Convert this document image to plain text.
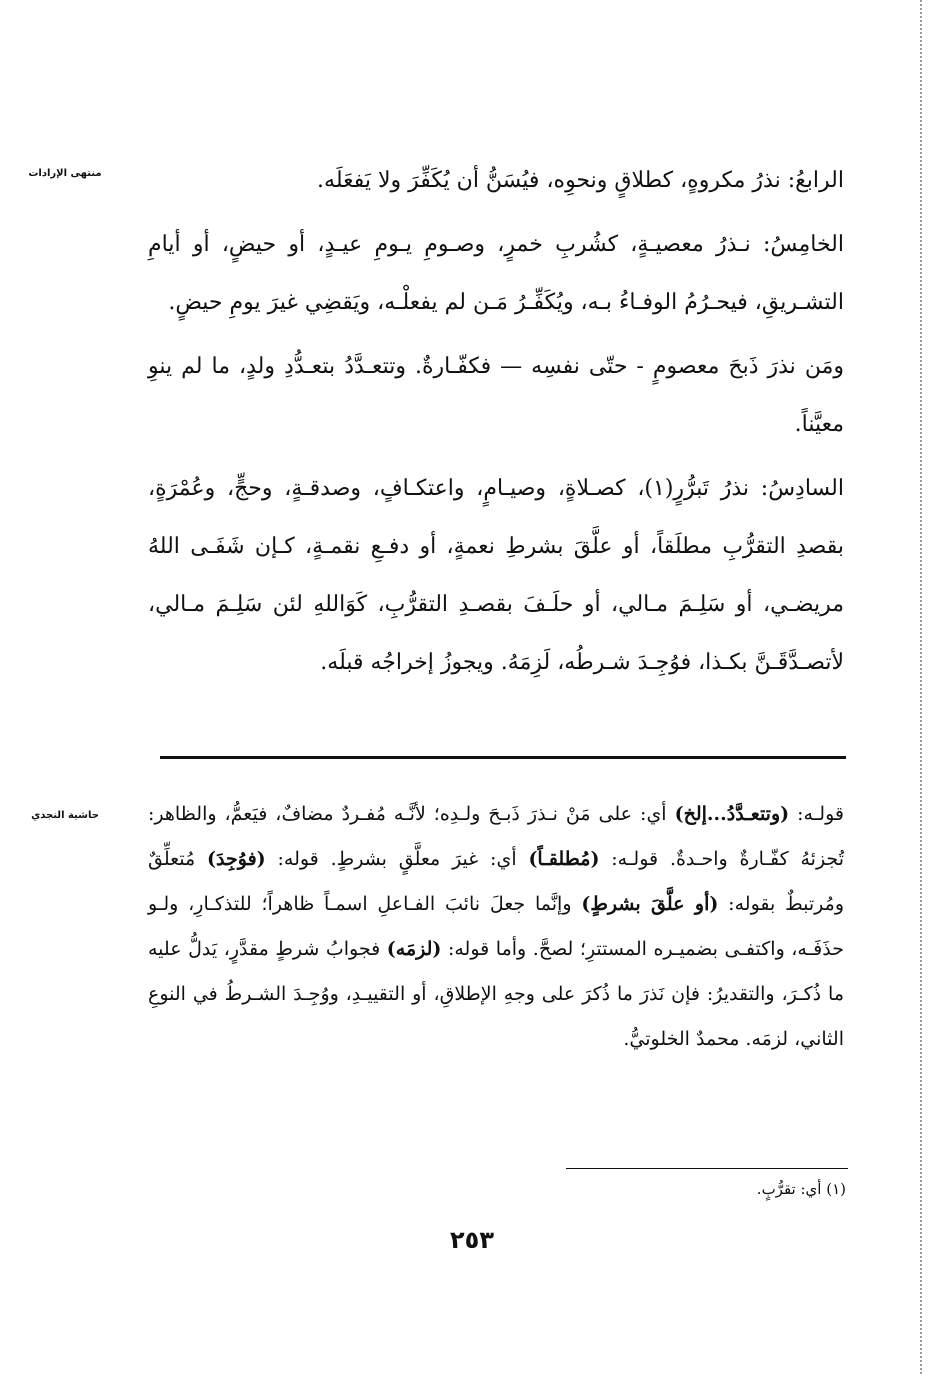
منتهى الإرادات	الرابعُ: نذرُ مكروهٍ، كطلاقٍ ونحوِه، فيُسَنُّ أن يُكَفِّرَ ولا يَفعَلَه.

الخامِسُ: نـذرُ معصيـةٍ، كشُربِ خمرٍ، وصـومِ يـومِ عيـدٍ، أو حيضٍ، أو أيامِ التشـريقِ، فيحـرُمُ الوفـاءُ بـه، ويُكَفِّـرُ مَـن لم يفعلْـه، ويَقضِي غيرَ يومِ حيضٍ.

ومَن نذرَ ذَبحَ معصومٍ - حتّى نفسِه — فكفّـارةٌ. وتتعـدَّدُ بتعـدُّدِ ولدٍ، ما لم ينوِ معيَّناً.

السادِسُ: نذرُ تَبرُّرٍ(١)، كصـلاةٍ، وصيـامٍ، واعتكـافٍ، وصدقـةٍ، وحجٍّ، وعُمْرَةٍ، بقصدِ التقرُّبِ مطلَقاً، أو علَّقَ بشرطِ نعمةٍ، أو دفـعِ نقمـةٍ، كـإن شَفَـى اللهُ مريضـي، أو سَلِـمَ مـالي، أو حلَـفَ بقصـدِ التقرُّبِ، كَوَاللهِ لئن سَلِـمَ مـالي، لأتصـدَّقَـنَّ بكـذا، فوُجِـدَ شـرطُه، لَزِمَهُ. ويجوزُ إخراجُه قبلَه.

حاشية النجدي	قولـه: (وتتعـدَّدُ...إلخ) أي: على مَنْ نـذرَ ذَبـحَ ولـدِه؛ لأنَّـه مُفـردٌ مضافٌ، فيَعمُّ، والظاهر: تُجزئهُ كفّـارةٌ واحـدةٌ. قولـه: (مُطلقـاً) أي: غيرَ معلَّقٍ بشرطٍ. قوله: (فوُجِدَ) مُتعلِّقٌ ومُرتبطٌ بقوله: (أو علَّقَ بشرطٍ) وإنَّما جعلَ نائبَ الفـاعلِ اسمـاً ظاهراً؛ للتذكـارِ، ولـو حذَفَـه، واكتفـى بضميـره المستترِ؛ لصحَّ. وأما قوله: (لزمَه) فجوابُ شرطٍ مقدَّرٍ، يَدلُّ عليه ما ذُكـرَ، والتقديرُ: فإن نَذرَ ما ذُكرَ على وجهِ الإطلاقِ، أو التقييـدِ، ووُجِـدَ الشـرطُ في النوعِ الثاني، لزمَه. محمدٌ الخلوتيُّ.

(١) أي: تقرُّبٍ.
٢٥٣
